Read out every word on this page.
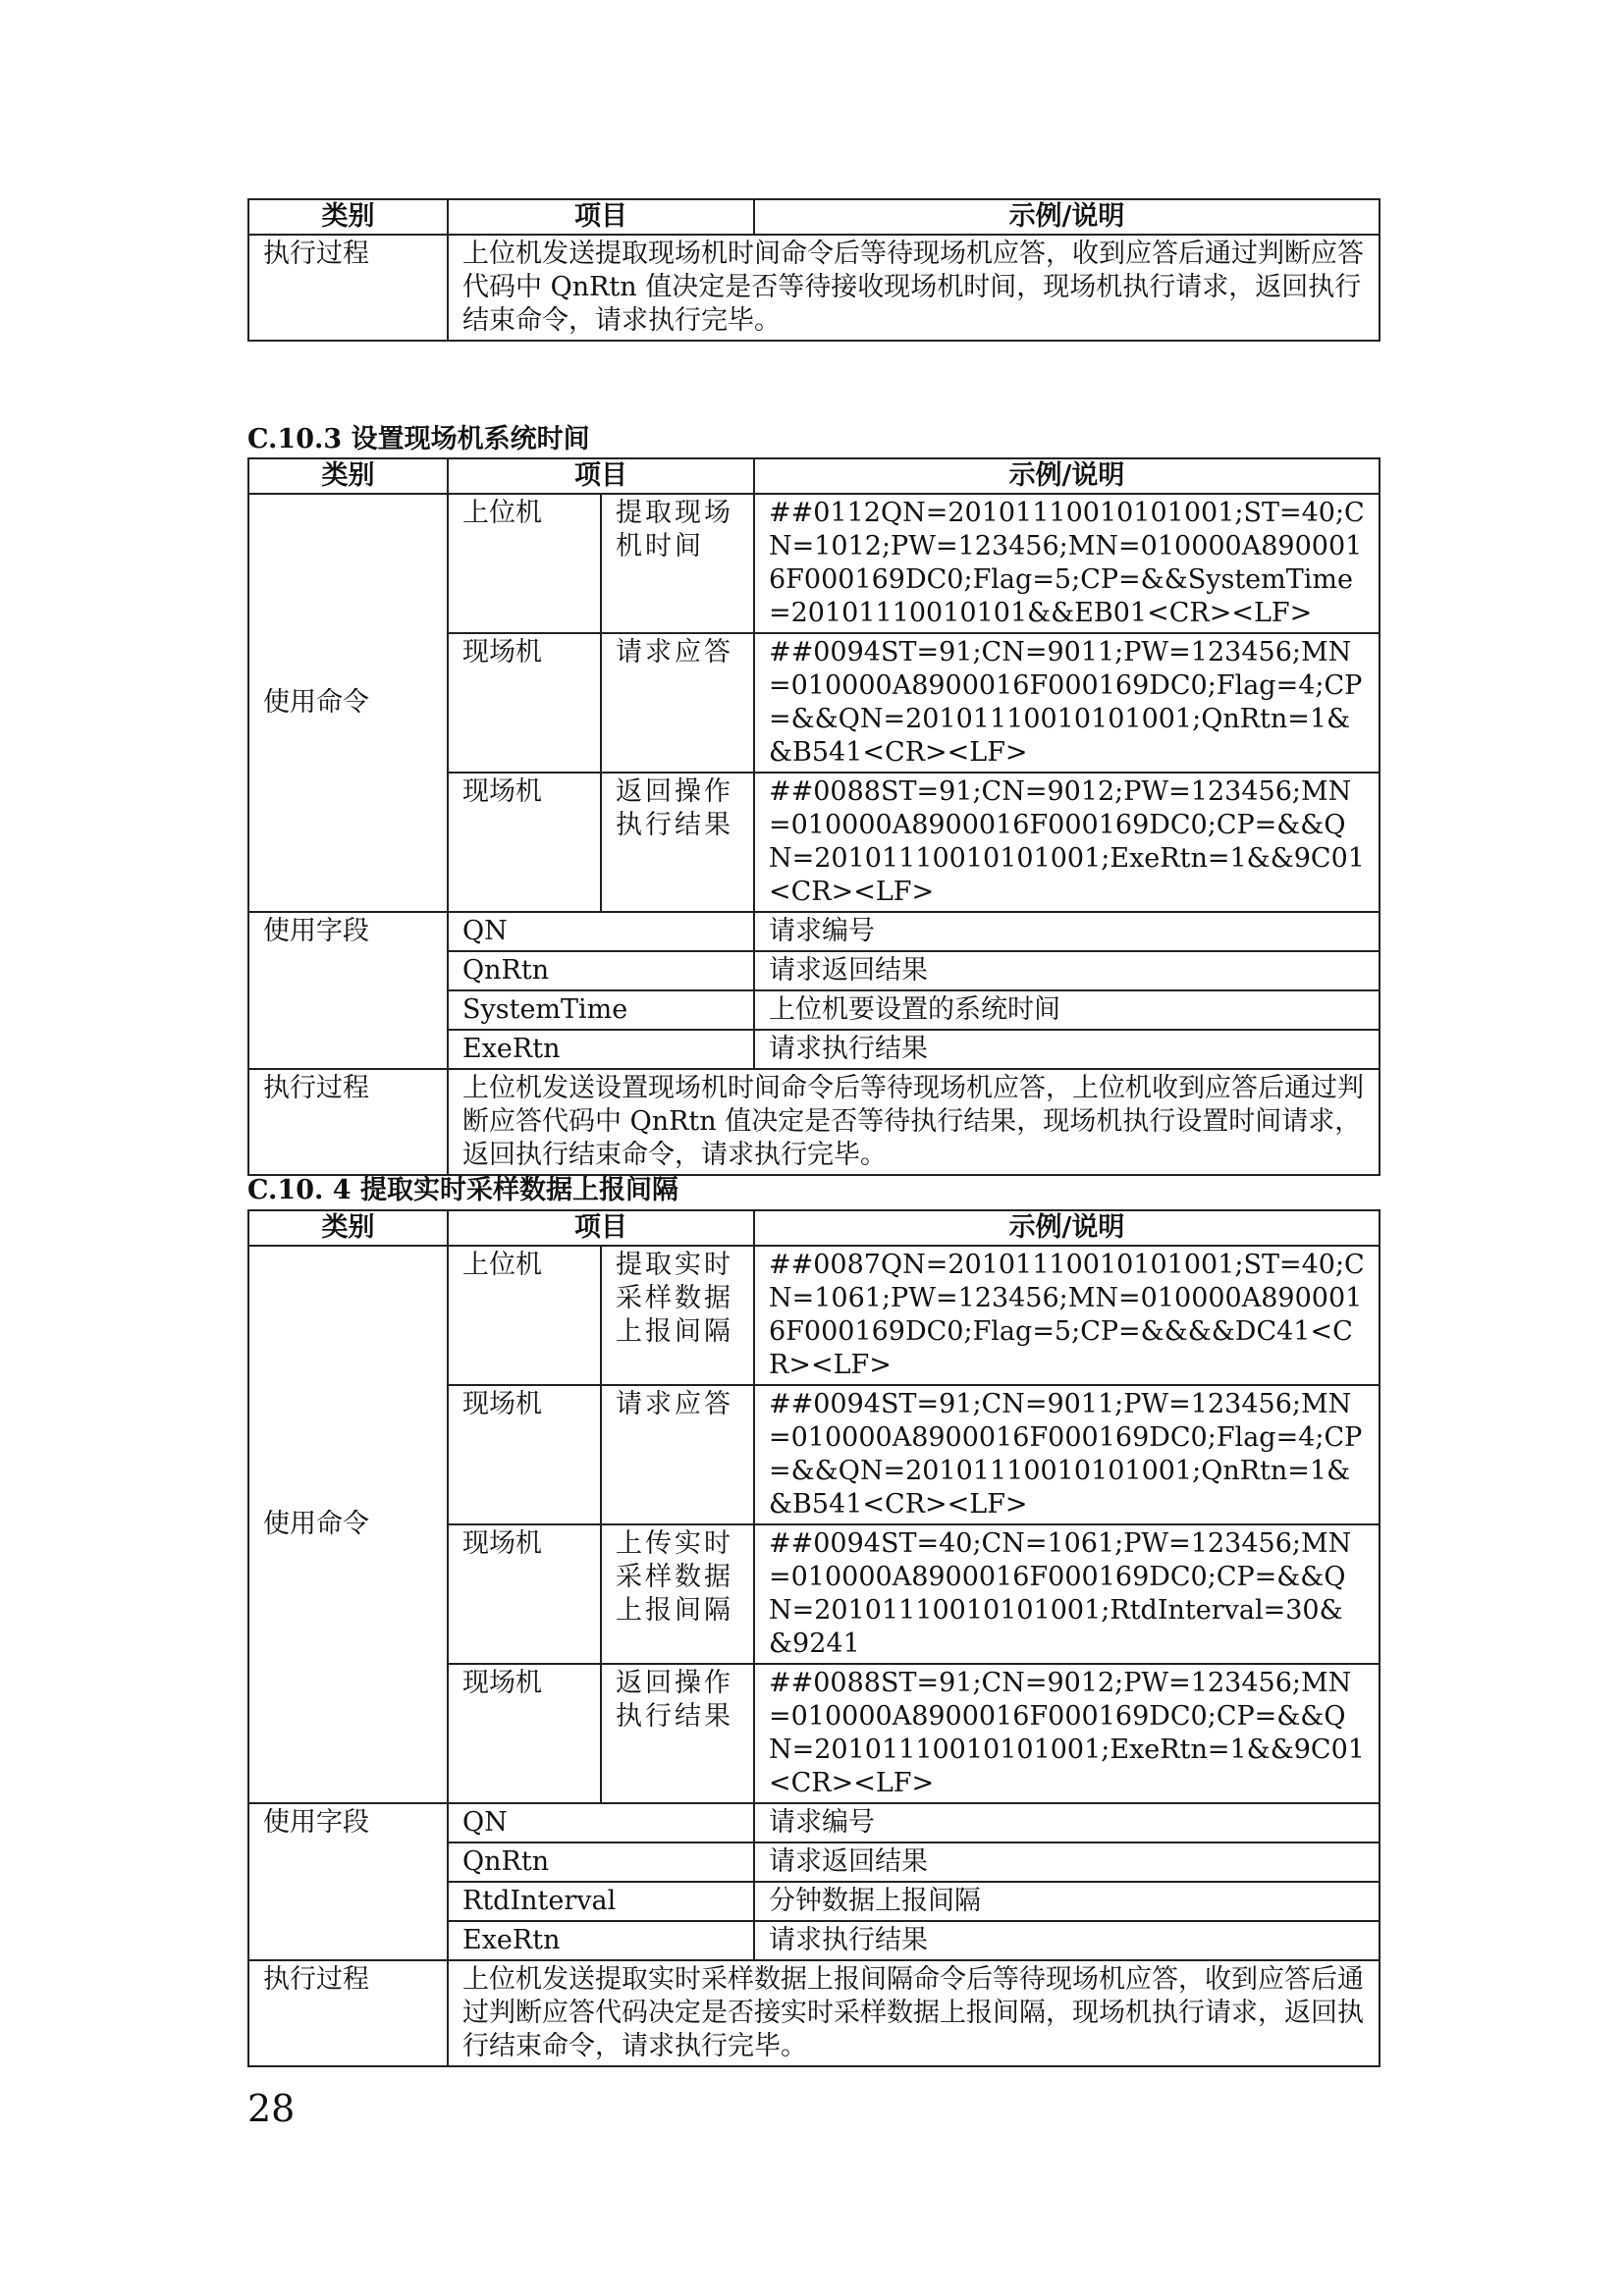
类别	项目	示例/说明
执行过程	上位机发送提取现场机时间命令后等待现场机应答，收到应答后通过判断应答代码中 QnRtn 值决定是否等待接收现场机时间，现场机执行请求，返回执行结束命令，请求执行完毕。	
C.10.3 设置现场机系统时间
类别	项目		示例/说明
使用命令	上位机	提取现场机时间	##0112QN=20101110010101001;ST=40;CN=1012;PW=123456;MN=010000A8900016F000169DC0;Flag=5;CP=&&SystemTime=20101110010101&&EB01<CR><LF>
	现场机	请求应答	##0094ST=91;CN=9011;PW=123456;MN=010000A8900016F000169DC0;Flag=4;CP=&&QN=20101110010101001;QnRtn=1&&B541<CR><LF>
	现场机	返回操作执行结果	##0088ST=91;CN=9012;PW=123456;MN=010000A8900016F000169DC0;CP=&&QN=20101110010101001;ExeRtn=1&&9C01<CR><LF>
使用字段	QN		请求编号
	QnRtn		请求返回结果
	SystemTime		上位机要设置的系统时间
	ExeRtn		请求执行结果
执行过程	上位机发送设置现场机时间命令后等待现场机应答，上位机收到应答后通过判断应答代码中 QnRtn 值决定是否等待执行结果，现场机执行设置时间请求，返回执行结束命令，请求执行完毕。		
C.10. 4 提取实时采样数据上报间隔
类别	项目		示例/说明
使用命令	上位机	提取实时采样数据上报间隔	##0087QN=20101110010101001;ST=40;CN=1061;PW=123456;MN=010000A8900016F000169DC0;Flag=5;CP=&&&&DC41<CR><LF>
	现场机	请求应答	##0094ST=91;CN=9011;PW=123456;MN=010000A8900016F000169DC0;Flag=4;CP=&&QN=20101110010101001;QnRtn=1&&B541<CR><LF>
	现场机	上传实时采样数据上报间隔	##0094ST=40;CN=1061;PW=123456;MN=010000A8900016F000169DC0;CP=&&QN=20101110010101001;RtdInterval=30&&9241
	现场机	返回操作执行结果	##0088ST=91;CN=9012;PW=123456;MN=010000A8900016F000169DC0;CP=&&QN=20101110010101001;ExeRtn=1&&9C01<CR><LF>
使用字段	QN		请求编号
	QnRtn		请求返回结果
	RtdInterval		分钟数据上报间隔
	ExeRtn		请求执行结果
执行过程	上位机发送提取实时采样数据上报间隔命令后等待现场机应答，收到应答后通过判断应答代码决定是否接实时采样数据上报间隔，现场机执行请求，返回执行结束命令，请求执行完毕。		
28
